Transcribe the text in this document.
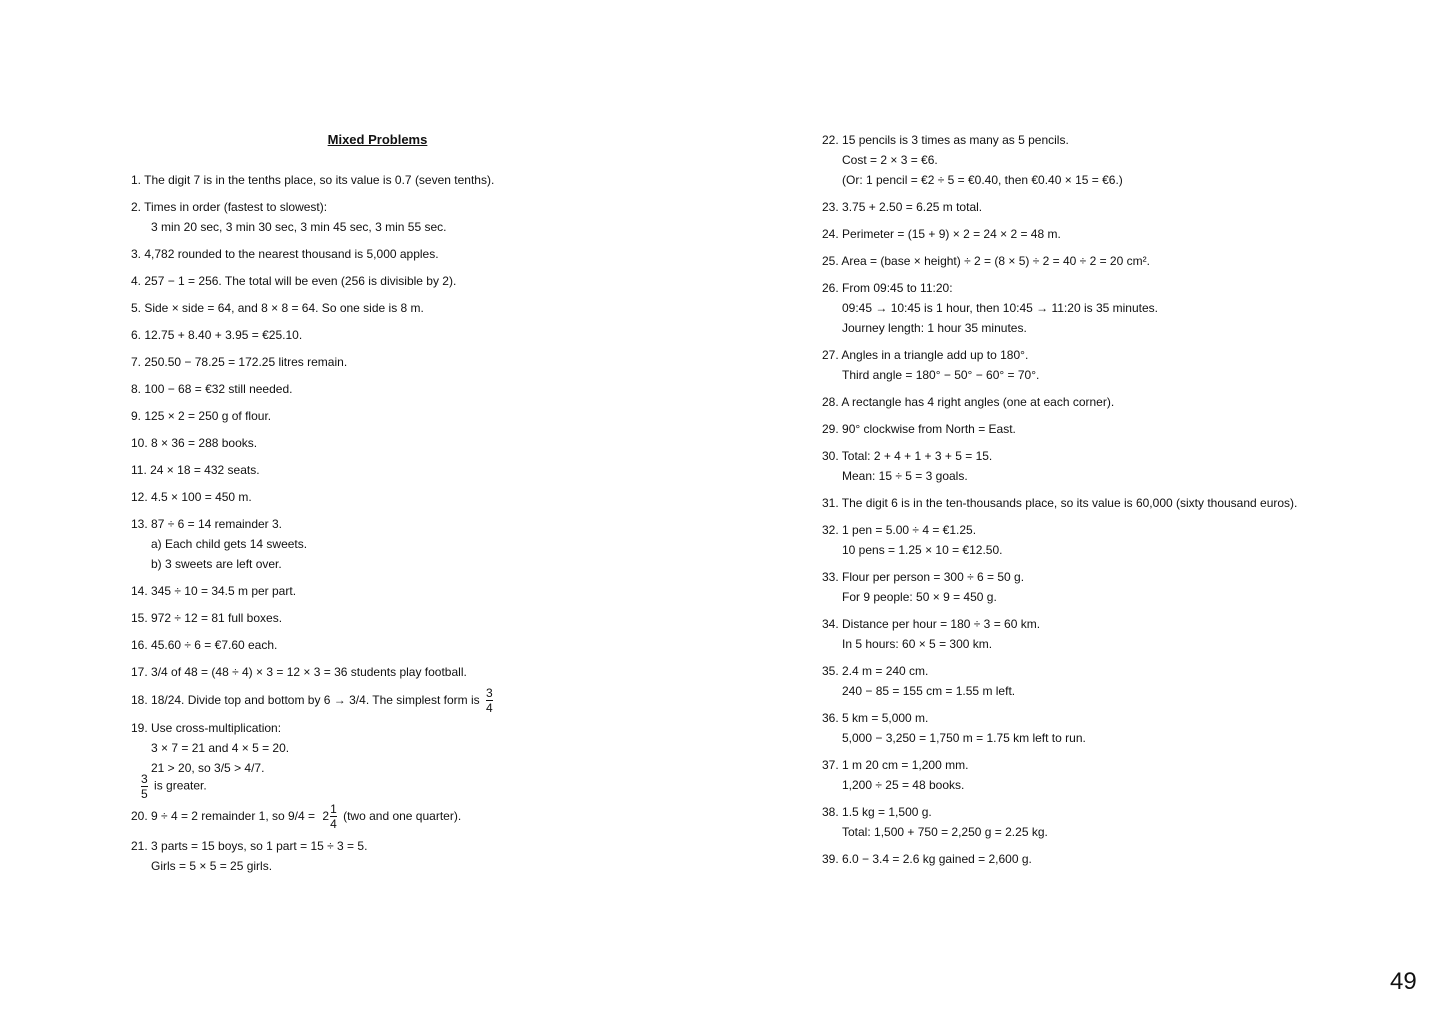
Mixed Problems
1. The digit 7 is in the tenths place, so its value is 0.7 (seven tenths).
2. Times in order (fastest to slowest):
3 min 20 sec, 3 min 30 sec, 3 min 45 sec, 3 min 55 sec.
3. 4,782 rounded to the nearest thousand is 5,000 apples.
4. 257 − 1 = 256. The total will be even (256 is divisible by 2).
5. Side × side = 64, and 8 × 8 = 64. So one side is 8 m.
6. 12.75 + 8.40 + 3.95 = €25.10.
7. 250.50 − 78.25 = 172.25 litres remain.
8. 100 − 68 = €32 still needed.
9. 125 × 2 = 250 g of flour.
10. 8 × 36 = 288 books.
11. 24 × 18 = 432 seats.
12. 4.5 × 100 = 450 m.
13. 87 ÷ 6 = 14 remainder 3.
a) Each child gets 14 sweets.
b) 3 sweets are left over.
14. 345 ÷ 10 = 34.5 m per part.
15. 972 ÷ 12 = 81 full boxes.
16. 45.60 ÷ 6 = €7.60 each.
17. 3/4 of 48 = (48 ÷ 4) × 3 = 12 × 3 = 36 students play football.
18. 18/24. Divide top and bottom by 6 → 3/4. The simplest form is $\frac{3}{4}$
19. Use cross-multiplication:
3 × 7 = 21 and 4 × 5 = 20.
21 > 20, so 3/5 > 4/7.
$\frac{3}{5}$ is greater.
20. 9 ÷ 4 = 2 remainder 1, so $9/4 = 2 \frac{1}{4} (two$ and one quarter).
21. 3 parts = 15 boys, so 1 part = 15 ÷ 3 = 5.
Girls = 5 × 5 = 25 girls.
22. 15 pencils is 3 times as many as 5 pencils.
Cost = 2 × 3 = €6.
(Or: 1 pencil = €2 ÷ 5 = €0.40, then €0.40 × 15 = €6.)
23. 3.75 + 2.50 = 6.25 m total.
24. Perimeter = (15 + 9) × 2 = 24 × 2 = 48 m.
25. Area = (base × height) ÷ 2 = (8 × 5) ÷ 2 = 40 ÷ 2 = 20 cm².
26. From 09:45 to 11:20:
09:45 → 10:45 is 1 hour, then 10:45 → 11:20 is 35 minutes.
Journey length: 1 hour 35 minutes.
27. Angles in a triangle add up to 180°.
Third angle = 180° − 50° − 60° = 70°.
28. A rectangle has 4 right angles (one at each corner).
29. 90° clockwise from North = East.
30. Total: 2 + 4 + 1 + 3 + 5 = 15.
Mean: 15 ÷ 5 = 3 goals.
31. The digit 6 is in the ten-thousands place, so its value is 60,000 (sixty thousand euros).
32. 1 pen = 5.00 ÷ 4 = €1.25.
10 pens = 1.25 × 10 = €12.50.
33. Flour per person = 300 ÷ 6 = 50 g.
For 9 people: 50 × 9 = 450 g.
34. Distance per hour = 180 ÷ 3 = 60 km.
In 5 hours: 60 × 5 = 300 km.
35. 2.4 m = 240 cm.
240 − 85 = 155 cm = 1.55 m left.
36. 5 km = 5,000 m.
5,000 − 3,250 = 1,750 m = 1.75 km left to run.
37. 1 m 20 cm = 1,200 mm.
1,200 ÷ 25 = 48 books.
38. 1.5 kg = 1,500 g.
Total: 1,500 + 750 = 2,250 g = 2.25 kg.
39. 6.0 − 3.4 = 2.6 kg gained = 2,600 g.
49
